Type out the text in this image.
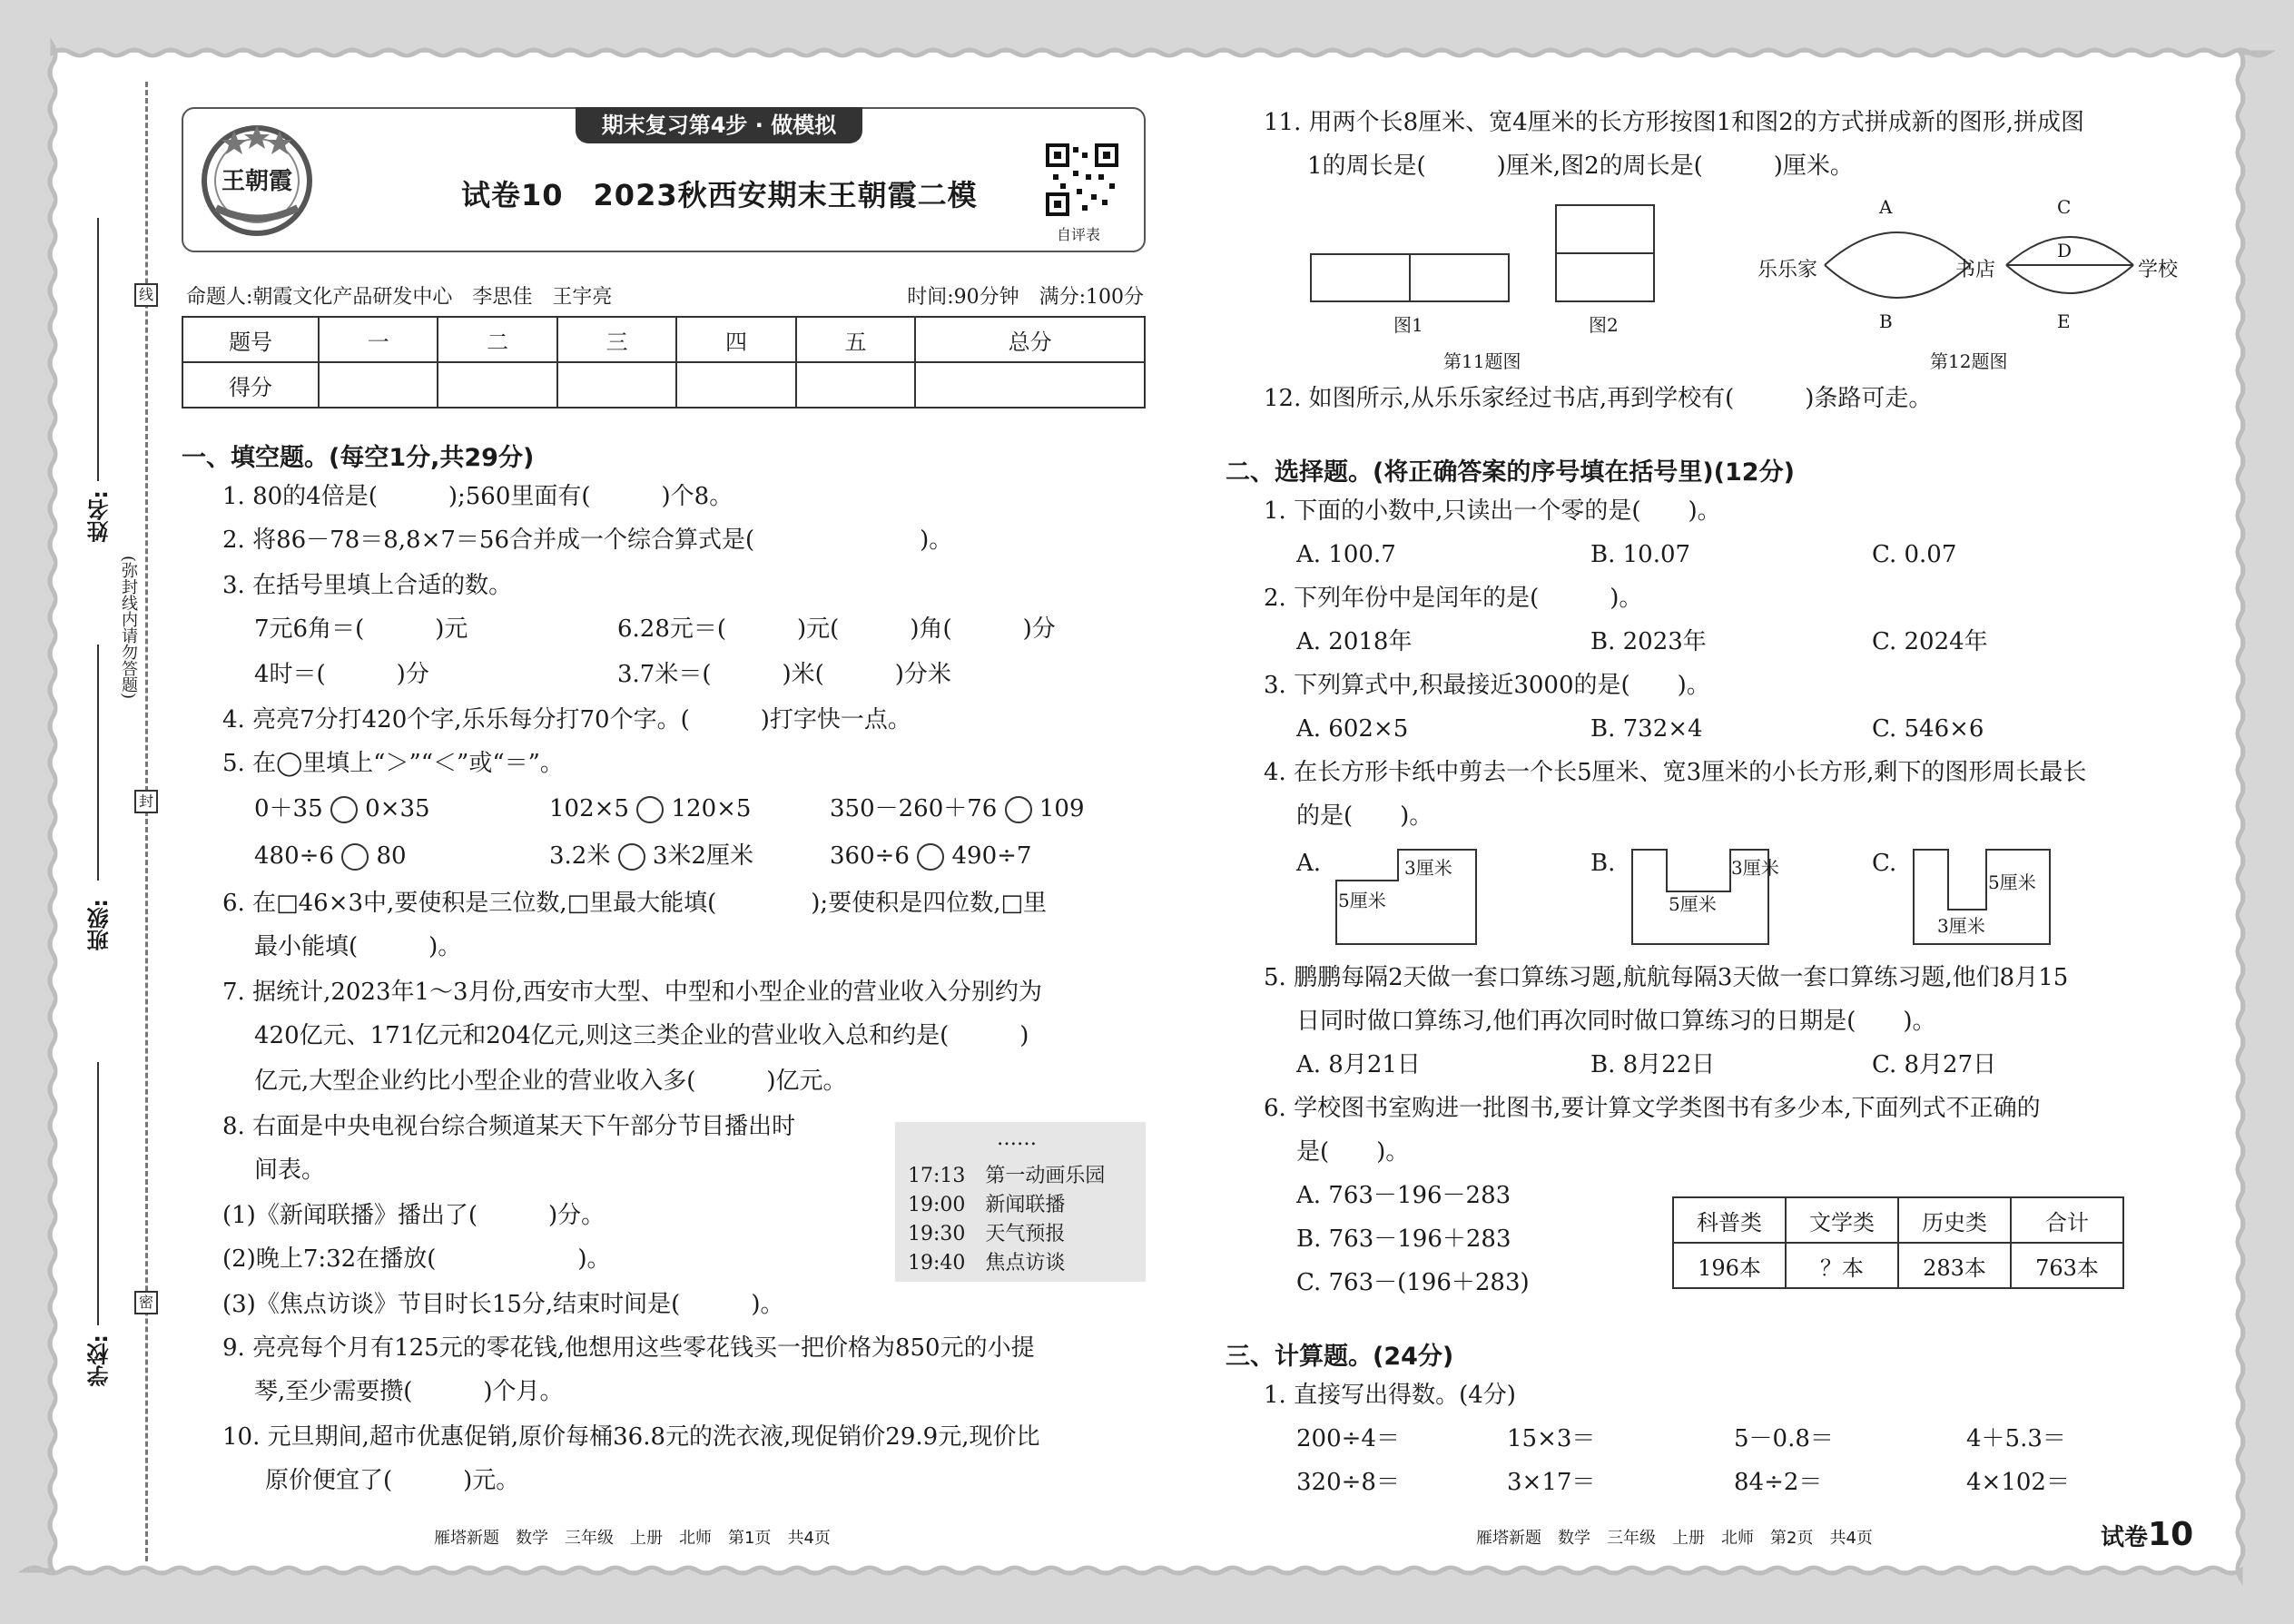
线
封
密
姓名:
班级:
学校:
(弥封线内请勿答题)
期末复习第4步 · 做模拟
王朝霞	试卷10　2023秋西安期末王朝霞二模
自评表
命题人:朝霞文化产品研发中心　李思佳　王宇亮	时间:90分钟　满分:100分
题号	一	二	三	四	五	总分
得分						
一、填空题。(每空1分,共29分)
1. 80的4倍是(　　　);560里面有(　　　)个8。
2. 将86－78＝8,8×7＝56合并成一个综合算式是(　　　　　　　)。
3. 在括号里填上合适的数。
7元6角＝(　　　)元	6.28元＝(　　　)元(　　　)角(　　　)分
4时＝(　　　)分	3.7米＝(　　　)米(　　　)分米
4. 亮亮7分打420个字,乐乐每分打70个字。(　　　)打字快一点。
5. 在◯里填上“＞”“＜”或“＝”。
0＋35 0×35	102×5 120×5	350－260＋76 109
480÷6 80	3.2米 3米2厘米	360÷6 490÷7
6. 在□46×3中,要使积是三位数,□里最大能填(　　　　);要使积是四位数,□里
最小能填(　　　)。
7. 据统计,2023年1～3月份,西安市大型、中型和小型企业的营业收入分别约为
420亿元、171亿元和204亿元,则这三类企业的营业收入总和约是(　　　)
亿元,大型企业约比小型企业的营业收入多(　　　)亿元。
8. 右面是中央电视台综合频道某天下午部分节目播出时
间表。
(1)《新闻联播》播出了(　　　)分。
(2)晚上7:32在播放(　　　　　　)。
(3)《焦点访谈》节目时长15分,结束时间是(　　　)。
……
17:13　 第一动画乐园
19:00　 新闻联播
19:30　 天气预报
19:40　 焦点访谈
9. 亮亮每个月有125元的零花钱,他想用这些零花钱买一把价格为850元的小提
琴,至少需要攒(　　　)个月。
10. 元旦期间,超市优惠促销,原价每桶36.8元的洗衣液,现促销价29.9元,现价比
原价便宜了(　　　)元。
雁塔新题　数学　三年级　上册　北师　第1页　共4页
11. 用两个长8厘米、宽4厘米的长方形按图1和图2的方式拼成新的图形,拼成图
1的周长是(　　　)厘米,图2的周长是(　　　)厘米。
图1	图2
第11题图
乐乐家	书店	学校
A
B
C
D
E
第12题图
12. 如图所示,从乐乐家经过书店,再到学校有(　　　)条路可走。
二、选择题。(将正确答案的序号填在括号里)(12分)
1. 下面的小数中,只读出一个零的是(　　)。
A. 100.7	B. 10.07	C. 0.07
2. 下列年份中是闰年的是(　　　)。
A. 2018年	B. 2023年	C. 2024年
3. 下列算式中,积最接近3000的是(　　)。
A. 602×5	B. 732×4	C. 546×6
4. 在长方形卡纸中剪去一个长5厘米、宽3厘米的小长方形,剩下的图形周长最长
的是(　　)。
A.	3厘米
5厘米
B.	3厘米
5厘米
C.
5厘米
3厘米
5. 鹏鹏每隔2天做一套口算练习题,航航每隔3天做一套口算练习题,他们8月15
日同时做口算练习,他们再次同时做口算练习的日期是(　　)。
A. 8月21日	B. 8月22日	C. 8月27日
6. 学校图书室购进一批图书,要计算文学类图书有多少本,下面列式不正确的
是(　　)。
A. 763－196－283
B. 763－196＋283
C. 763－(196＋283)
科普类	文学类	历史类	合计
196本	？本	283本	763本
三、计算题。(24分)
1. 直接写出得数。(4分)
200÷4＝	15×3＝	5－0.8＝	4＋5.3＝
320÷8＝	3×17＝	84÷2＝	4×102＝
雁塔新题　数学　三年级　上册　北师　第2页　共4页	试卷10
